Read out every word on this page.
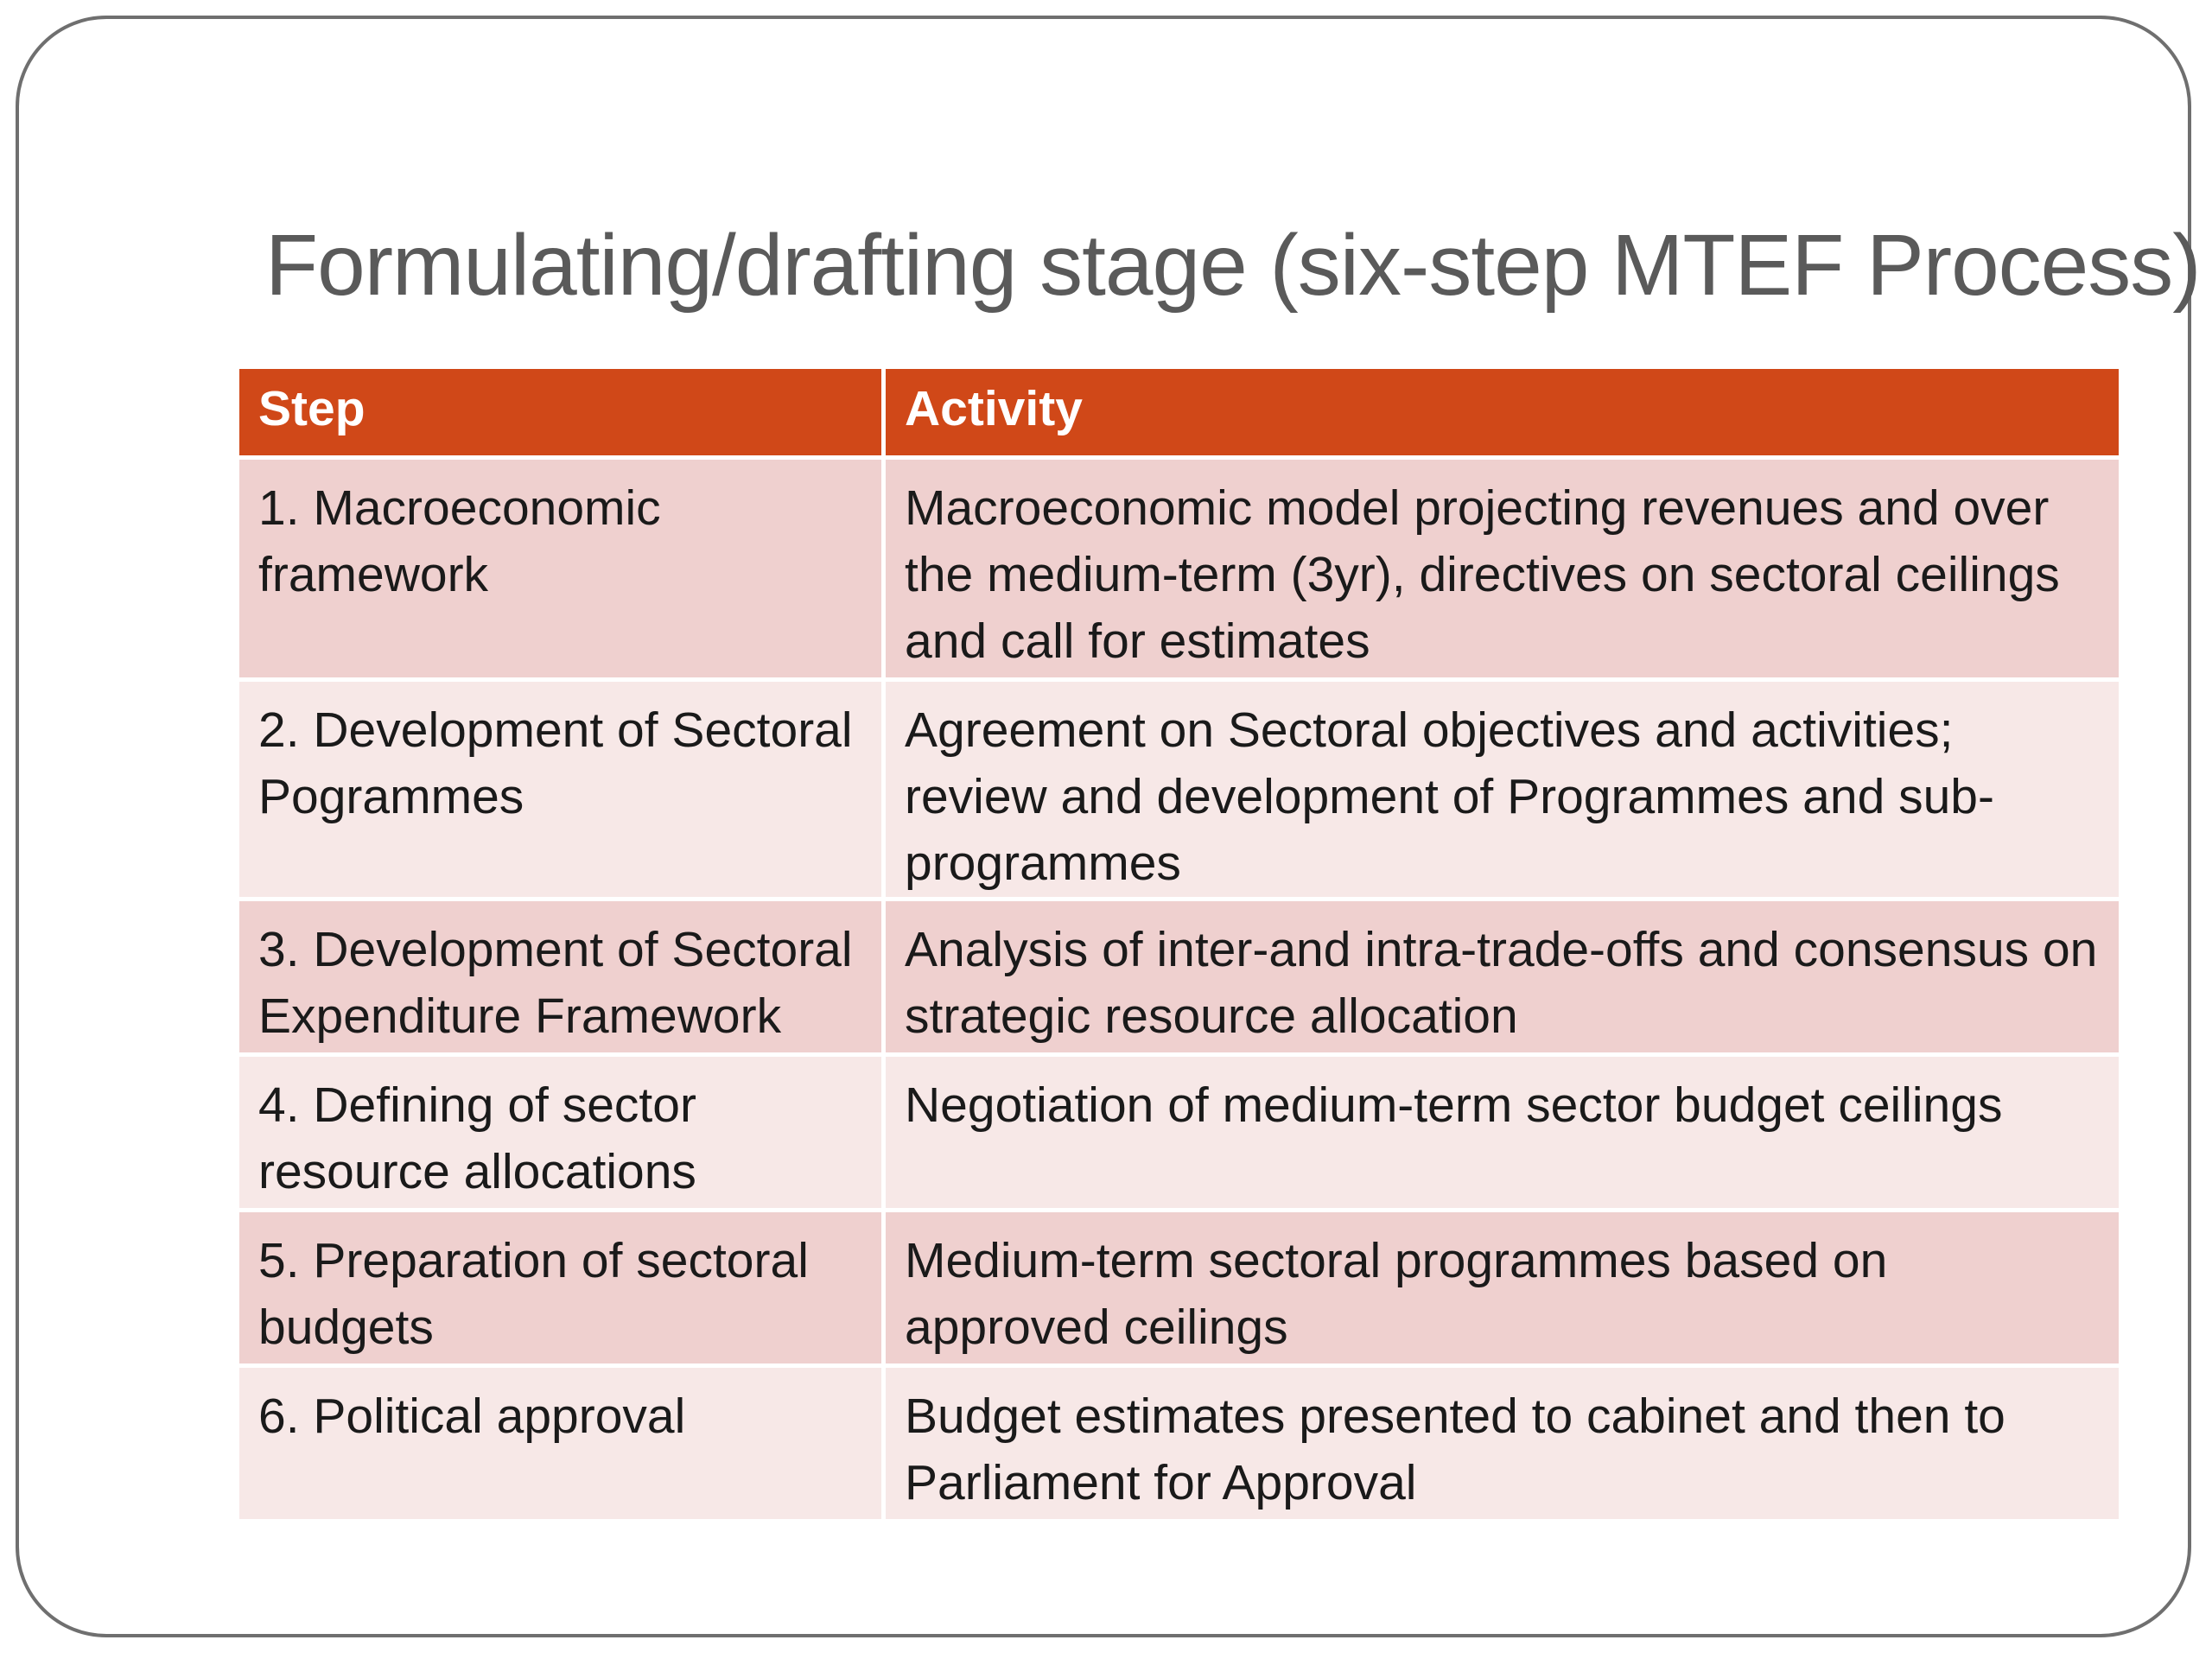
Formulating/drafting stage (six-step MTEF Process)
Step	Activity
1. Macroeconomic framework	Macroeconomic model projecting revenues and over the medium-term (3yr), directives on sectoral ceilings and call for estimates
2. Development of Sectoral Pogrammes	Agreement on Sectoral objectives and activities; review and development of Programmes and sub-programmes
3. Development of Sectoral Expenditure Framework	Analysis of inter-and intra-trade-offs and consensus on strategic resource allocation
4. Defining of sector resource allocations	Negotiation of medium-term sector budget ceilings
5. Preparation of sectoral budgets	Medium-term sectoral programmes based on approved ceilings
6. Political approval	Budget estimates presented to cabinet and then to Parliament for Approval
